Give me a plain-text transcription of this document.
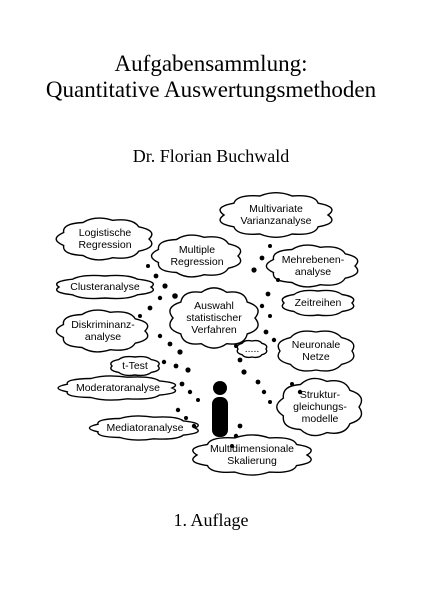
Aufgabensammlung:
Quantitative Auswertungsmethoden
Dr. Florian Buchwald
Multivariate
Varianzanalyse
Logistische
Regression	Multiple
Regression	Mehrebenen-
analyse
Clusteranalyse
Auswahl
statistischer
Verfahren
Zeitreihen
Diskriminanz-
analyse
Neuronale
Netze
t-Test
.....
Moderatoranalyse
Struktur-
gleichungs-
modelle
Mediatoranalyse
Multidimensionale
Skalierung
1. Auflage
